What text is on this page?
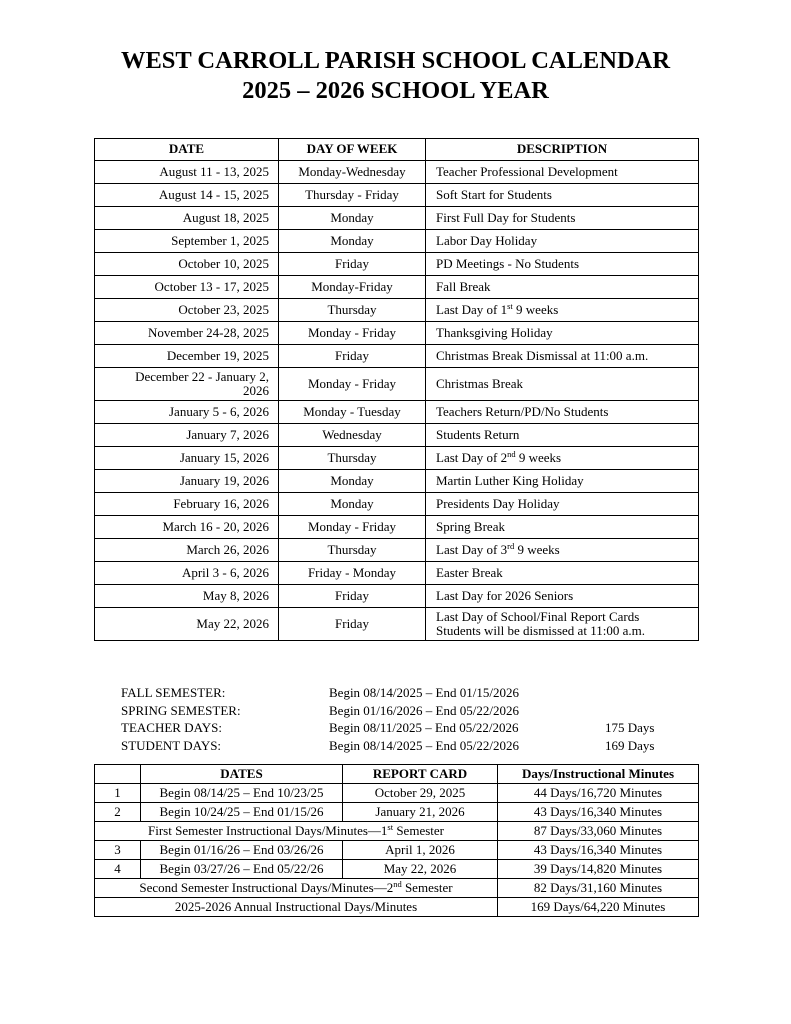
WEST CARROLL PARISH SCHOOL CALENDAR
2025 – 2026 SCHOOL YEAR
DATE	DAY OF WEEK	DESCRIPTION
August 11 - 13, 2025	Monday-Wednesday	Teacher Professional Development
August 14 - 15, 2025	Thursday - Friday	Soft Start for Students
August 18, 2025	Monday	First Full Day for Students
September 1, 2025	Monday	Labor Day Holiday
October 10, 2025	Friday	PD Meetings - No Students
October 13 - 17, 2025	Monday-Friday	Fall Break
October 23, 2025	Thursday	Last Day of 1st 9 weeks
November 24-28, 2025	Monday - Friday	Thanksgiving Holiday
December 19, 2025	Friday	Christmas Break Dismissal at 11:00 a.m.
December 22 - January 2,
2026	Monday - Friday	Christmas Break
January 5 - 6, 2026	Monday - Tuesday	Teachers Return/PD/No Students
January 7, 2026	Wednesday	Students Return
January 15, 2026	Thursday	Last Day of 2nd 9 weeks
January 19, 2026	Monday	Martin Luther King Holiday
February 16, 2026	Monday	Presidents Day Holiday
March 16 - 20, 2026	Monday - Friday	Spring Break
March 26, 2026	Thursday	Last Day of 3rd 9 weeks
April 3 - 6, 2026	Friday - Monday	Easter Break
May 8, 2026	Friday	Last Day for 2026 Seniors
May 22, 2026	Friday	Last Day of School/Final Report Cards
Students will be dismissed at 11:00 a.m.
FALL SEMESTER:	Begin 08/14/2025 – End 01/15/2026
SPRING SEMESTER:	Begin 01/16/2026 – End 05/22/2026
TEACHER DAYS:	Begin 08/11/2025 – End 05/22/2026	175 Days
STUDENT DAYS:	Begin 08/14/2025 – End 05/22/2026	169 Days
	DATES	REPORT CARD	Days/Instructional Minutes
1	Begin 08/14/25 – End 10/23/25	October 29, 2025	44 Days/16,720 Minutes
2	Begin 10/24/25 – End 01/15/26	January 21, 2026	43 Days/16,340 Minutes
First Semester Instructional Days/Minutes—1st Semester			87 Days/33,060 Minutes
3	Begin 01/16/26 – End 03/26/26	April 1, 2026	43 Days/16,340 Minutes
4	Begin 03/27/26 – End 05/22/26	May 22, 2026	39 Days/14,820 Minutes
Second Semester Instructional Days/Minutes—2nd Semester			82 Days/31,160 Minutes
2025-2026 Annual Instructional Days/Minutes			169 Days/64,220 Minutes
